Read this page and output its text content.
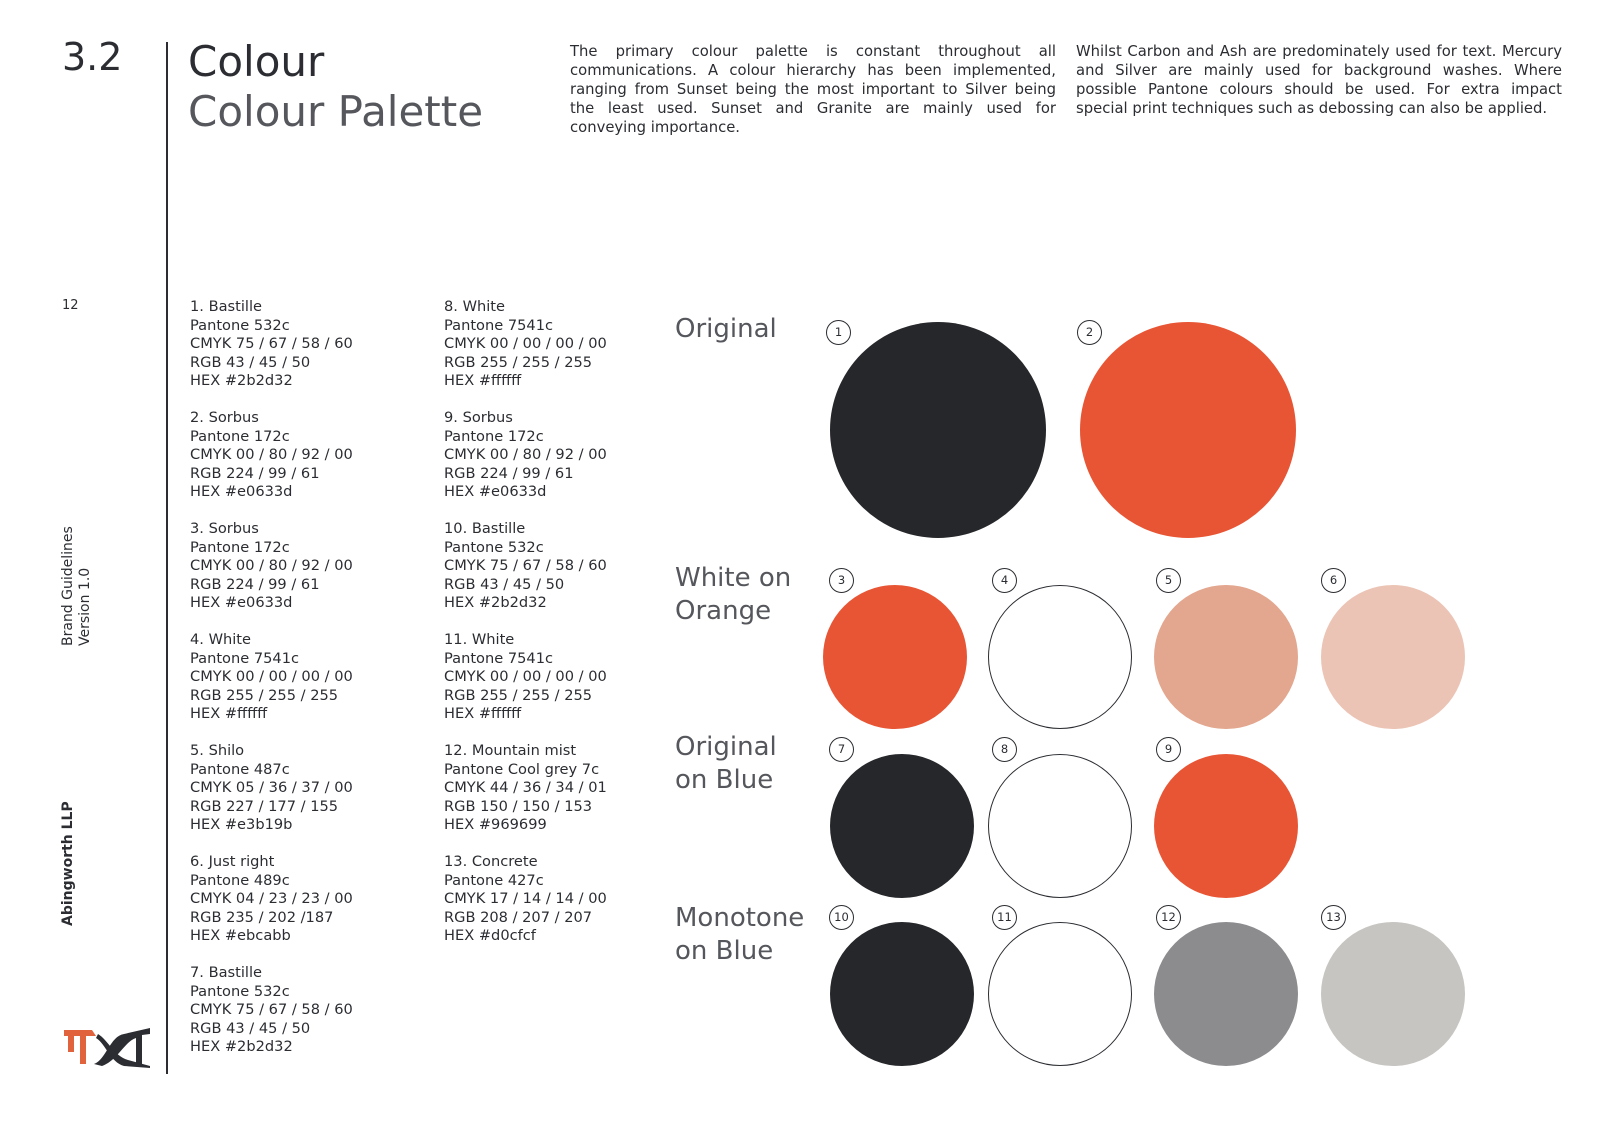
3.2 Colour
Colour Palette
The primary colour palette is constant throughout all communications. A colour hierarchy has been implemented, ranging from Sunset being the most important to Silver being the least used. Sunset and Granite are mainly used for conveying importance.
Whilst Carbon and Ash are predominately used for text. Mercury and Silver are mainly used for background washes. Where possible Pantone colours should be used. For extra impact special print techniques such as debossing can also be applied.
12
Brand Guidelines Version 1.0
Abingworth LLP
1. Bastille
Pantone 532c
CMYK 75 / 67 / 58 / 60
RGB 43 / 45 / 50
HEX #2b2d32
2. Sorbus
Pantone 172c
CMYK 00 / 80 / 92 / 00
RGB 224 / 99 / 61
HEX #e0633d
3. Sorbus
Pantone 172c
CMYK 00 / 80 / 92 / 00
RGB 224 / 99 / 61
HEX #e0633d
4. White
Pantone 7541c
CMYK 00 / 00 / 00 / 00
RGB 255 / 255 / 255
HEX #ffffff
5. Shilo
Pantone 487c
CMYK 05 / 36 / 37 / 00
RGB 227 / 177 / 155
HEX #e3b19b
6. Just right
Pantone 489c
CMYK 04 / 23 / 23 / 00
RGB 235 / 202 /187
HEX #ebcabb
7. Bastille
Pantone 532c
CMYK 75 / 67 / 58 / 60
RGB 43 / 45 / 50
HEX #2b2d32
8. White
Pantone 7541c
CMYK 00 / 00 / 00 / 00
RGB 255 / 255 / 255
HEX #ffffff
9. Sorbus
Pantone 172c
CMYK 00 / 80 / 92 / 00
RGB 224 / 99 / 61
HEX #e0633d
10. Bastille
Pantone 532c
CMYK 75 / 67 / 58 / 60
RGB 43 / 45 / 50
HEX #2b2d32
11. White
Pantone 7541c
CMYK 00 / 00 / 00 / 00
RGB 255 / 255 / 255
HEX #ffffff
12. Mountain mist
Pantone Cool grey 7c
CMYK 44 / 36 / 34 / 01
RGB 150 / 150 / 153
HEX #969699
13. Concrete
Pantone 427c
CMYK 17 / 14 / 14 / 00
RGB 208 / 207 / 207
HEX #d0cfcf
Original
White on
Orange
Original
on Blue
Monotone
on Blue
1	2
3	4	5	6
7	8	9
10	11	12	13
